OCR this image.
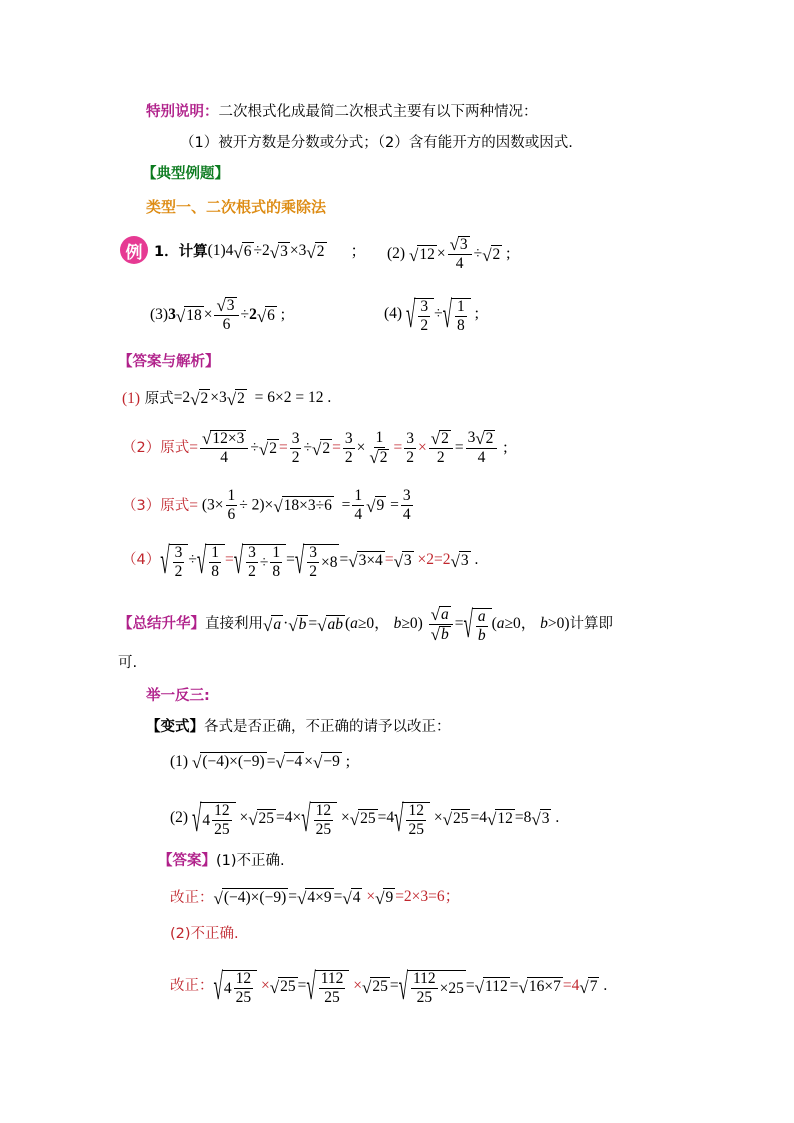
特别说明：二次根式化成最简二次根式主要有以下两种情况：
（1）被开方数是分数或分式；（2）含有能开方的因数或因式.
【典型例题】
类型一、二次根式的乘除法
例 1．计算 (1)4 √ 6 ÷2 √ 3 ×3 √ 2 ； (2)
√ $12 \times \frac{√ 3}{4}$ ÷ √ 2 ;
(3) 3 √ $18 \times \frac{√ 3}{6} \div 2$ √ 6 ;	(4)
√ $\frac{3}{2}$ ÷ √ $\frac{1}{8}$ ;
【答案与解析】
(1)
原式 =2 √ 2 ×3 √ 2 = 6×2 = 12 .
（2） 原式 = $\frac{√ 12\times 3}{4}$ ÷ √ $2 = \frac{3}{2}$ ÷ √ $2 = \frac{3}{2} \times \frac{1}{√ 2} = \frac{3}{2} \times \frac{√ 2}{2} = \frac{3 √ 2}{4}$ ;
（3） 原式 = $(3\times \frac{1}{6} \div 2)\times$ √ $18\times 3\div 6 = \frac{1}{4}$ √ $9 = \frac{3}{4}$
（4） √ $\frac{3}{2}$ ÷ √ $\frac{1}{8}$ = √ $\frac{3}{2} \div \frac{1}{8}$ = √ $\frac{3}{2} \times 8$ = √ 3×4 = √ 3 ×2=2 √ 3 .
【总结升华】 直接利用 √ a · √ b = √ ab (a≥0， $b\ge 0) \frac{√ a}{√ b}$ = √ $\frac{a}{b} (a\ge 0$， b>0) 计算即
可.
举一反三:
【变式】各式是否正确，不正确的请予以改正：
(1) √ (−4)×(−9) = √ −4 × √ −9 ;
(2) √ $4 \frac{12}{25}$ × √ 25 =4× √ $\frac{12}{25}$ × √ 25 =4 √ $\frac{12}{25}$ × √ 25 =4 √ 12 =8 √ 3 .
【答案】(1)不正确.
改正： √ (−4)×(−9) = √ 4×9 = √ 4 × √ 9 =2×3=6；
(2)不正确.
改正： √ $4 \frac{12}{25}$ × √ 25 = √ $\frac{112}{25}$ × √ 25 = √ $\frac{112}{25} \times 25$ = √ 112 = √ 16×7 =4 √ 7 .
